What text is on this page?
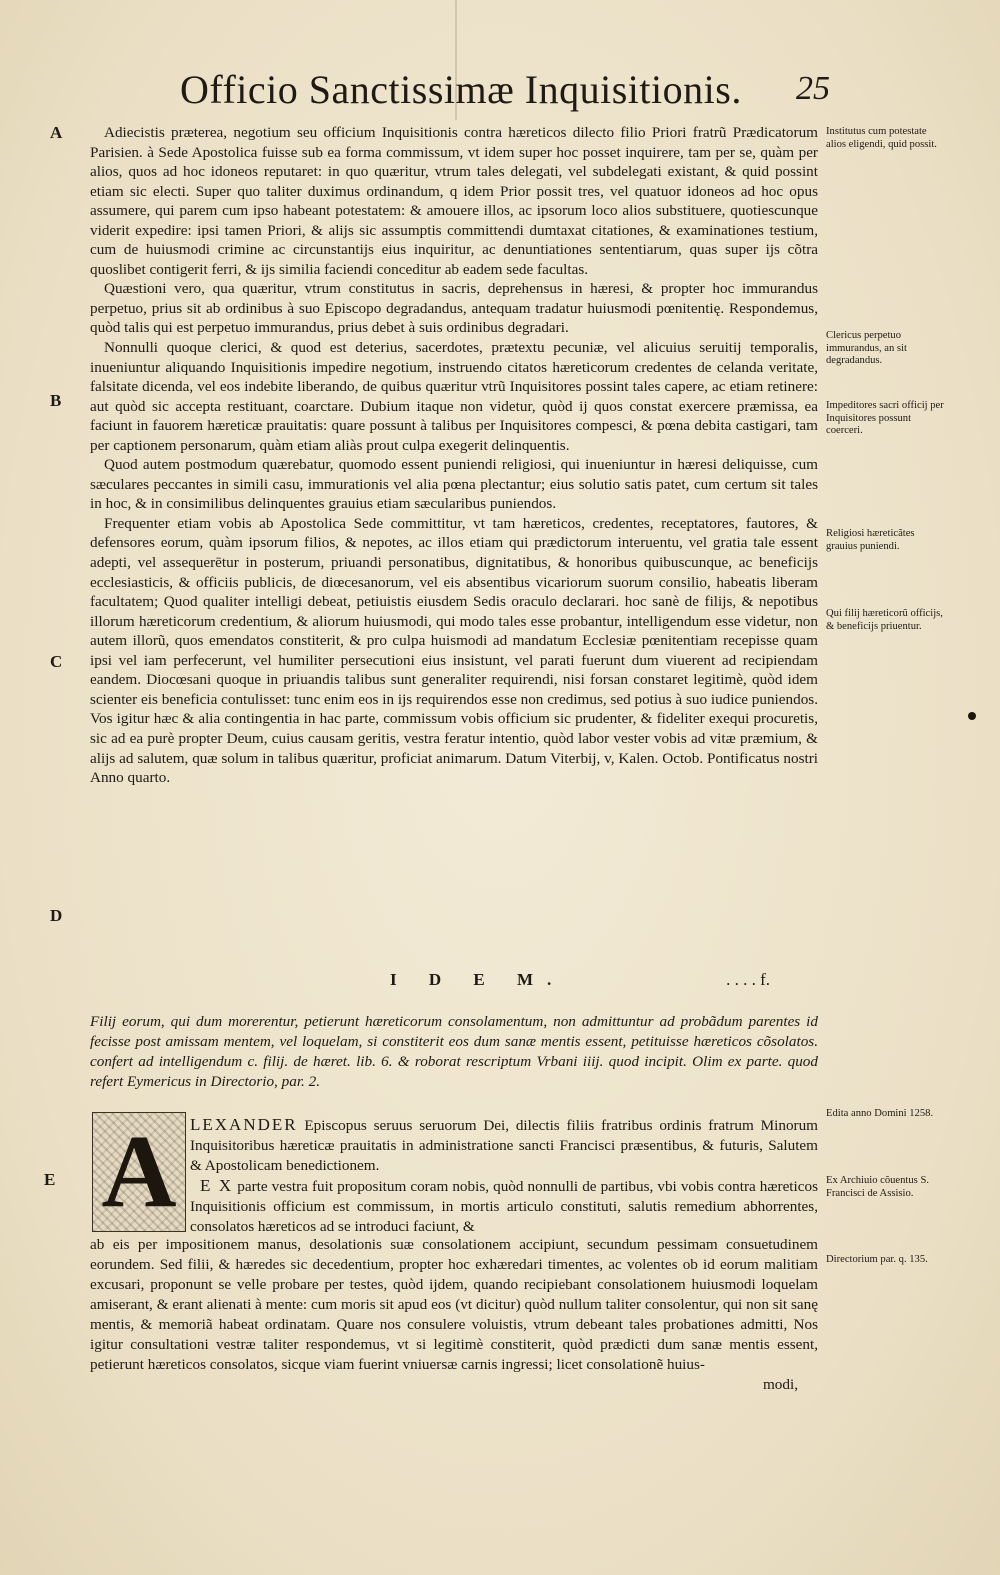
Officio Sanctissimæ Inquisitionis. 25
A
B
C
D
E

Adiecistis præterea, negotium seu officium Inquisitionis contra hæreticos dilecto filio Priori fratrũ Prædicatorum Parisien. à Sede Apostolica fuisse sub ea forma commissum, vt idem super hoc posset inquirere, tam per se, quàm per alios, quos ad hoc idoneos reputaret: in quo quæritur, vtrum tales delegati, vel subdelegati existant, & quid possint etiam sic electi. Super quo taliter duximus ordinandum, q idem Prior possit tres, vel quatuor idoneos ad hoc opus assumere, qui parem cum ipso habeant potestatem: & amouere illos, ac ipsorum loco alios substituere, quotiescunque viderit expedire: ipsi tamen Priori, & alijs sic assumptis committendi dumtaxat citationes, & examinationes testium, cum de huiusmodi crimine ac circunstantijs eius inquiritur, ac denuntiationes sententiarum, quas super ijs cõtra quoslibet contigerit ferri, & ijs similia faciendi conceditur ab eadem sede facultas.

Quæstioni vero, qua quæritur, vtrum constitutus in sacris, deprehensus in hæresi, & propter hoc immurandus perpetuo, prius sit ab ordinibus à suo Episcopo degradandus, antequam tradatur huiusmodi pœnitentię. Respondemus, quòd talis qui est perpetuo immurandus, prius debet à suis ordinibus degradari.

Nonnulli quoque clerici, & quod est deterius, sacerdotes, prætextu pecuniæ, vel alicuius seruitij temporalis, inueniuntur aliquando Inquisitionis impedire negotium, instruendo citatos hæreticorum credentes de celanda veritate, falsitate dicenda, vel eos indebite liberando, de quibus quæritur vtrũ Inquisitores possint tales capere, ac etiam retinere: aut quòd sic accepta restituant, coarctare. Dubium itaque non videtur, quòd ij quos constat exercere præmissa, ea faciunt in fauorem hæreticæ prauitatis: quare possunt à talibus per Inquisitores compesci, & pœna debita castigari, tam per captionem personarum, quàm etiam aliàs prout culpa exegerit delinquentis.

Quod autem postmodum quærebatur, quomodo essent puniendi religiosi, qui inueniuntur in hæresi deliquisse, cum sæculares peccantes in simili casu, immurationis vel alia pœna plectantur; eius solutio satis patet, cum certum sit tales in hoc, & in consimilibus delinquentes grauius etiam sæcularibus puniendos.

Frequenter etiam vobis ab Apostolica Sede committitur, vt tam hæreticos, credentes, receptatores, fautores, & defensores eorum, quàm ipsorum filios, & nepotes, ac illos etiam qui prædictorum interuentu, vel gratia tale essent adepti, vel assequerētur in posterum, priuandi personatibus, dignitatibus, & honoribus quibuscunque, ac beneficijs ecclesiasticis, & officiis publicis, de diœcesanorum, vel eis absentibus vicariorum suorum consilio, habeatis liberam facultatem; Quod qualiter intelligi debeat, petiuistis eiusdem Sedis oraculo declarari. hoc sanè de filijs, & nepotibus illorum hæreticorum credentium, & aliorum huiusmodi, qui modo tales esse probantur, intelligendum esse videtur, non autem illorũ, quos emendatos constiterit, & pro culpa huismodi ad mandatum Ecclesiæ pœnitentiam recepisse quam ipsi vel iam perfecerunt, vel humiliter persecutioni eius insistunt, vel parati fuerunt dum viuerent ad recipiendam eandem. Diocœsani quoque in priuandis talibus sunt generaliter requirendi, nisi forsan constaret legitimè, quòd idem scienter eis beneficia contulisset: tunc enim eos in ijs requirendos esse non credimus, sed potius à suo iudice puniendos. Vos igitur hæc & alia contingentia in hac parte, commissum vobis officium sic prudenter, & fideliter exequi procuretis, sic ad ea purè propter Deum, cuius causam geritis, vestra feratur intentio, quòd labor vester vobis ad vitæ præmium, & alijs ad salutem, quæ solum in talibus quæritur, proficiat animarum. Datum Viterbij, v, Kalen. Octob. Pontificatus nostri Anno quarto.

I D E M.	. . . . f.
Filij eorum, qui dum morerentur, petierunt hæreticorum consolamentum, non admittuntur ad probãdum parentes id fecisse post amissam mentem, vel loquelam, si constiterit eos dum sanæ mentis essent, petituisse hæreticos cõsolatos. confert ad intelligendum c. filij. de hæret. lib. 6. & roborat rescriptum Vrbani iiij. quod incipit. Olim ex parte. quod refert Eymericus in Directorio, par. 2.
A LEXANDER Episcopus seruus seruorum Dei, dilectis filiis fratribus ordinis fratrum Minorum Inquisitoribus hæreticæ prauitatis in administratione sancti Francisci præsentibus, & futuris, Salutem & Apostolicam benedictionem.
E X parte vestra fuit propositum coram nobis, quòd nonnulli de partibus, vbi vobis contra hæreticos Inquisitionis officium est commissum, in mortis articulo constituti, salutis remedium abhorrentes, consolatos hæreticos ad se introduci faciunt, &

ab eis per impositionem manus, desolationis suæ consolationem accipiunt, secundum pessimam consuetudinem eorundem. Sed filii, & hæredes sic decedentium, propter hoc exhæredari timentes, ac volentes ob id eorum malitiam excusari, proponunt se velle probare per testes, quòd ijdem, quando recipiebant consolationem huiusmodi loquelam amiserant, & erant alienati à mente: cum moris sit apud eos (vt dicitur) quòd nullum taliter consolentur, qui non sit sanę mentis, & memoriã habeat ordinatam. Quare nos consulere voluistis, vtrum debeant tales probationes admitti, Nos igitur consultationi vestræ taliter respondemus, vt si legitimè constiterit, quòd prædicti dum sanæ mentis essent, petierunt hæreticos consolatos, sicque viam fuerint vniuersæ carnis ingressi; licet consolationẽ huius-

modi,

Institutus cum potestate alios eligendi, quid possit.
Clericus perpetuo immurandus, an sit degradandus.
Impeditores sacri officij per Inquisitores possunt coerceri.
Religiosi hæreticãtes grauius puniendi.
Qui filij hæreticorũ officijs, & beneficijs priuentur.
Edita anno Domini 1258.
Ex Archiuio cõuentus S. Francisci de Assisio.
Directorium par. q. 135.
